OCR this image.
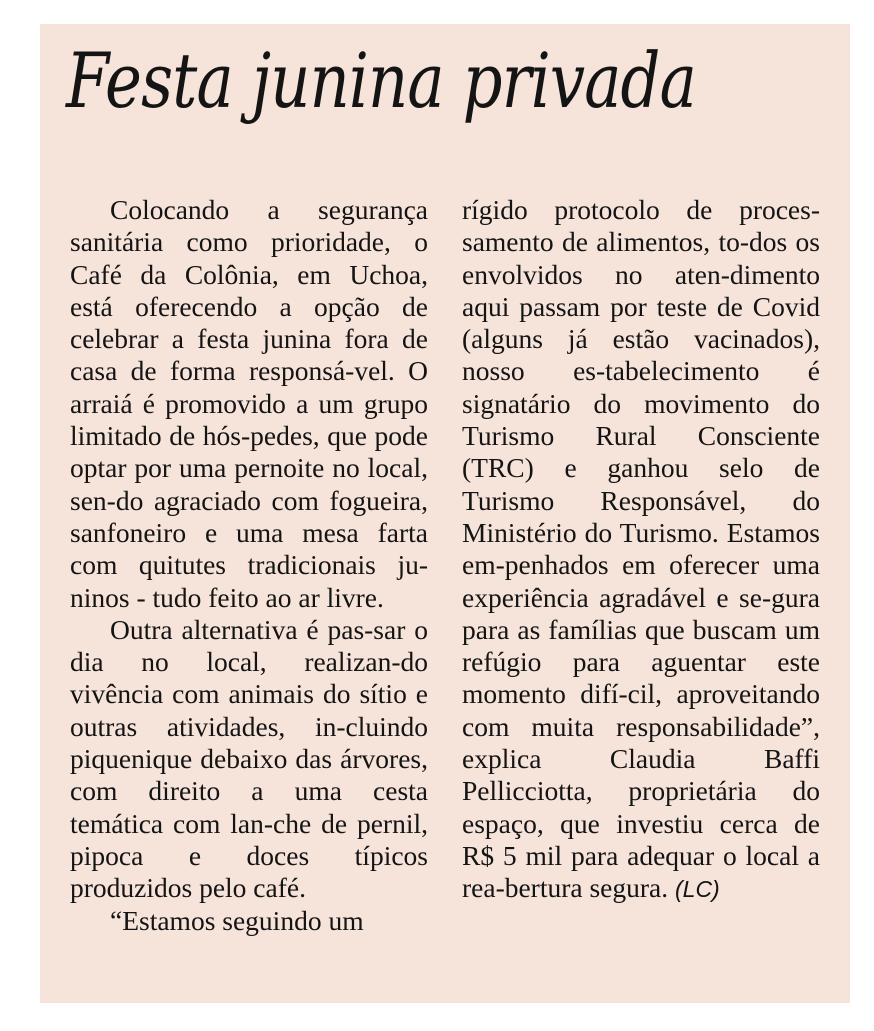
Festa junina privada

Colocando a segurança sanitária como prioridade, o Café da Colônia, em Uchoa, está oferecendo a opção de celebrar a festa junina fora de casa de forma responsá-vel. O arraiá é promovido a um grupo limitado de hós-pedes, que pode optar por uma pernoite no local, sen-do agraciado com fogueira, sanfoneiro e uma mesa farta com quitutes tradicionais ju-ninos - tudo feito ao ar livre.

Outra alternativa é pas-sar o dia no local, realizan-do vivência com animais do sítio e outras atividades, in-cluindo piquenique debaixo das árvores, com direito a uma cesta temática com lan-che de pernil, pipoca e doces típicos produzidos pelo café.

“Estamos seguindo um

rígido protocolo de proces-samento de alimentos, to-dos os envolvidos no aten-dimento aqui passam por teste de Covid (alguns já estão vacinados), nosso es-tabelecimento é signatário do movimento do Turismo Rural Consciente (TRC) e ganhou selo de Turismo Responsável, do Ministério do Turismo. Estamos em-penhados em oferecer uma experiência agradável e se-gura para as famílias que buscam um refúgio para aguentar este momento difí-cil, aproveitando com muita responsabilidade”, explica Claudia Baffi Pellicciotta, proprietária do espaço, que investiu cerca de R$ 5 mil para adequar o local a rea-bertura segura. (LC)
